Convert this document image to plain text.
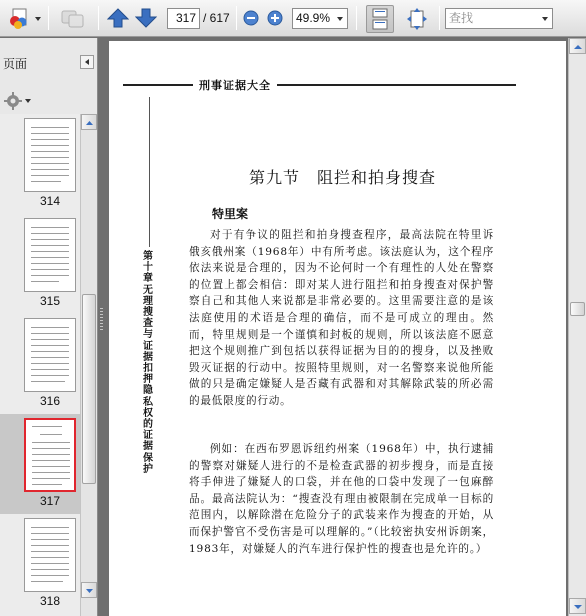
317 / 617	49.9%	查找
页面
314
315
316
317
318
刑事证据大全
第十章　无理搜查与证据扣押隐私权的证据保护
第九节　阻拦和拍身搜查
特里案
对于有争议的阻拦和拍身搜查程序，最高法院在特里诉俄亥俄州案（1968年）中有所考虑。该法庭认为，这个程序依法来说是合理的，因为不论何时一个有理性的人处在警察的位置上都会相信：即对某人进行阻拦和拍身搜查对保护警察自己和其他人来说都是非常必要的。这里需要注意的是该法庭使用的术语是合理的确信，而不是可成立的理由。然而，特里规则是一个谨慎和封板的规则，所以该法庭不愿意把这个规则推广到包括以获得证据为目的的搜身，以及挫败毁灭证据的行动中。按照特里规则，对一名警察来说他所能做的只是确定嫌疑人是否藏有武器和对其解除武装的所必需的最低限度的行动。
例如：在西布罗恩诉纽约州案（1968年）中，执行逮捕的警察对嫌疑人进行的不是检查武器的初步搜身，而是直接将手伸进了嫌疑人的口袋，并在他的口袋中发现了一包麻醉品。最高法院认为：“搜查没有理由被限制在完成单一目标的范围内，以解除潜在危险分子的武装来作为搜查的开始，从而保护警官不受伤害是可以理解的。”（比较密执安州诉朗案，1983年，对嫌疑人的汽车进行保护性的搜查也是允许的。）
